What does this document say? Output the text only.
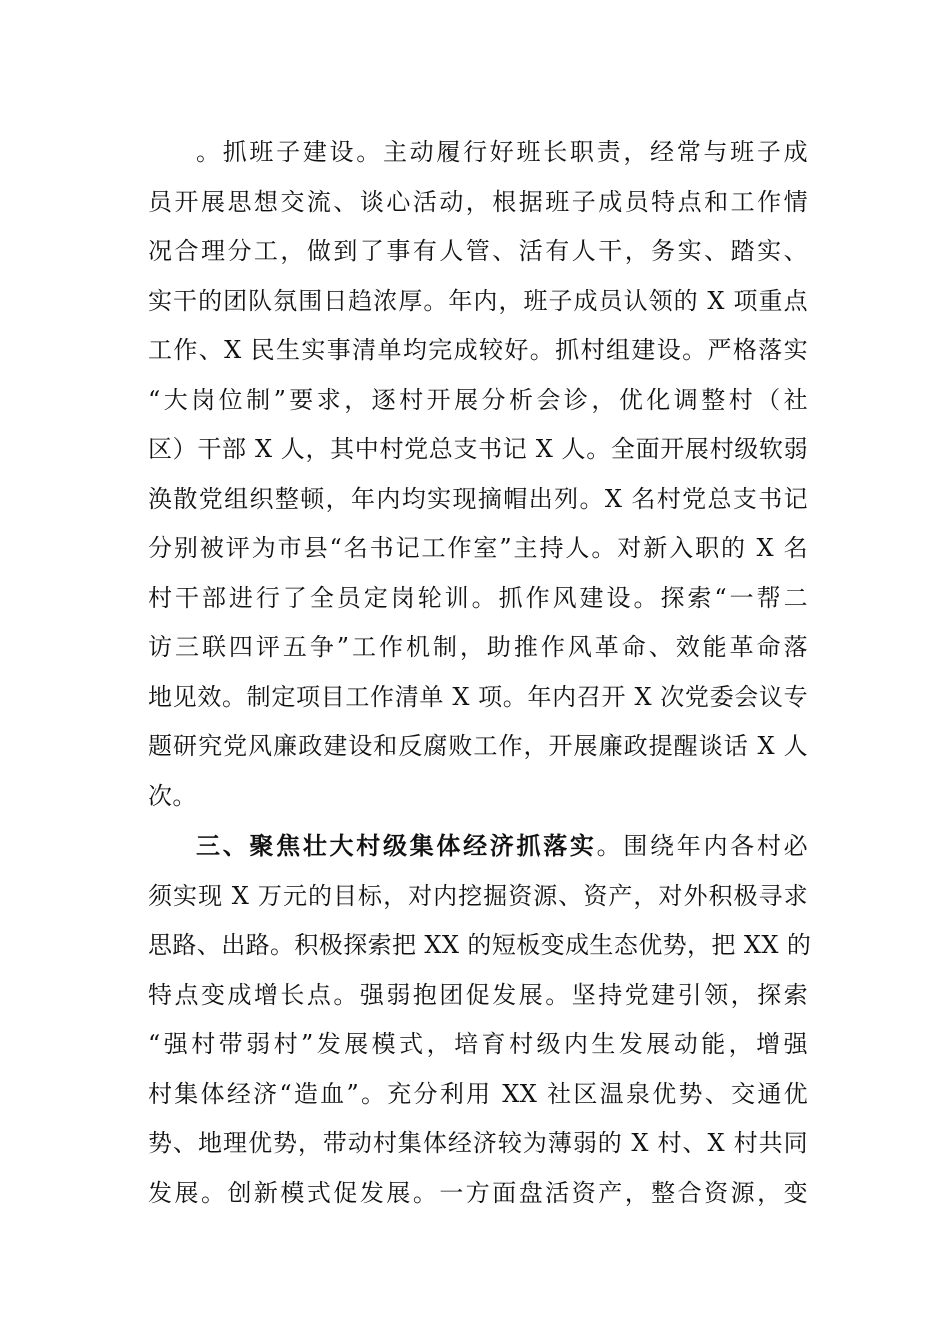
。抓班子建设。主动履行好班长职责，经常与班子成
员开展思想交流、谈心活动，根据班子成员特点和工作情
况合理分工，做到了事有人管、活有人干，务实、踏实、
实干的团队氛围日趋浓厚。年内，班子成员认领的 X 项重点
工作、X 民生实事清单均完成较好。抓村组建设。严格落实
“大岗位制”要求，逐村开展分析会诊，优化调整村（社
区）干部 X 人，其中村党总支书记 X 人。全面开展村级软弱
涣散党组织整顿，年内均实现摘帽出列。X 名村党总支书记
分别被评为市县“名书记工作室”主持人。对新入职的 X 名
村干部进行了全员定岗轮训。抓作风建设。探索“一帮二
访三联四评五争”工作机制，助推作风革命、效能革命落
地见效。制定项目工作清单 X 项。年内召开 X 次党委会议专
题研究党风廉政建设和反腐败工作，开展廉政提醒谈话 X 人
次。
三、聚焦壮大村级集体经济抓落实。围绕年内各村必
须实现 X 万元的目标，对内挖掘资源、资产，对外积极寻求
思路、出路。积极探索把 XX 的短板变成生态优势，把 XX 的
特点变成增长点。强弱抱团促发展。坚持党建引领，探索
“强村带弱村”发展模式，培育村级内生发展动能，增强
村集体经济“造血”。充分利用 XX 社区温泉优势、交通优
势、地理优势，带动村集体经济较为薄弱的 X 村、X 村共同
发展。创新模式促发展。一方面盘活资产，整合资源，变
